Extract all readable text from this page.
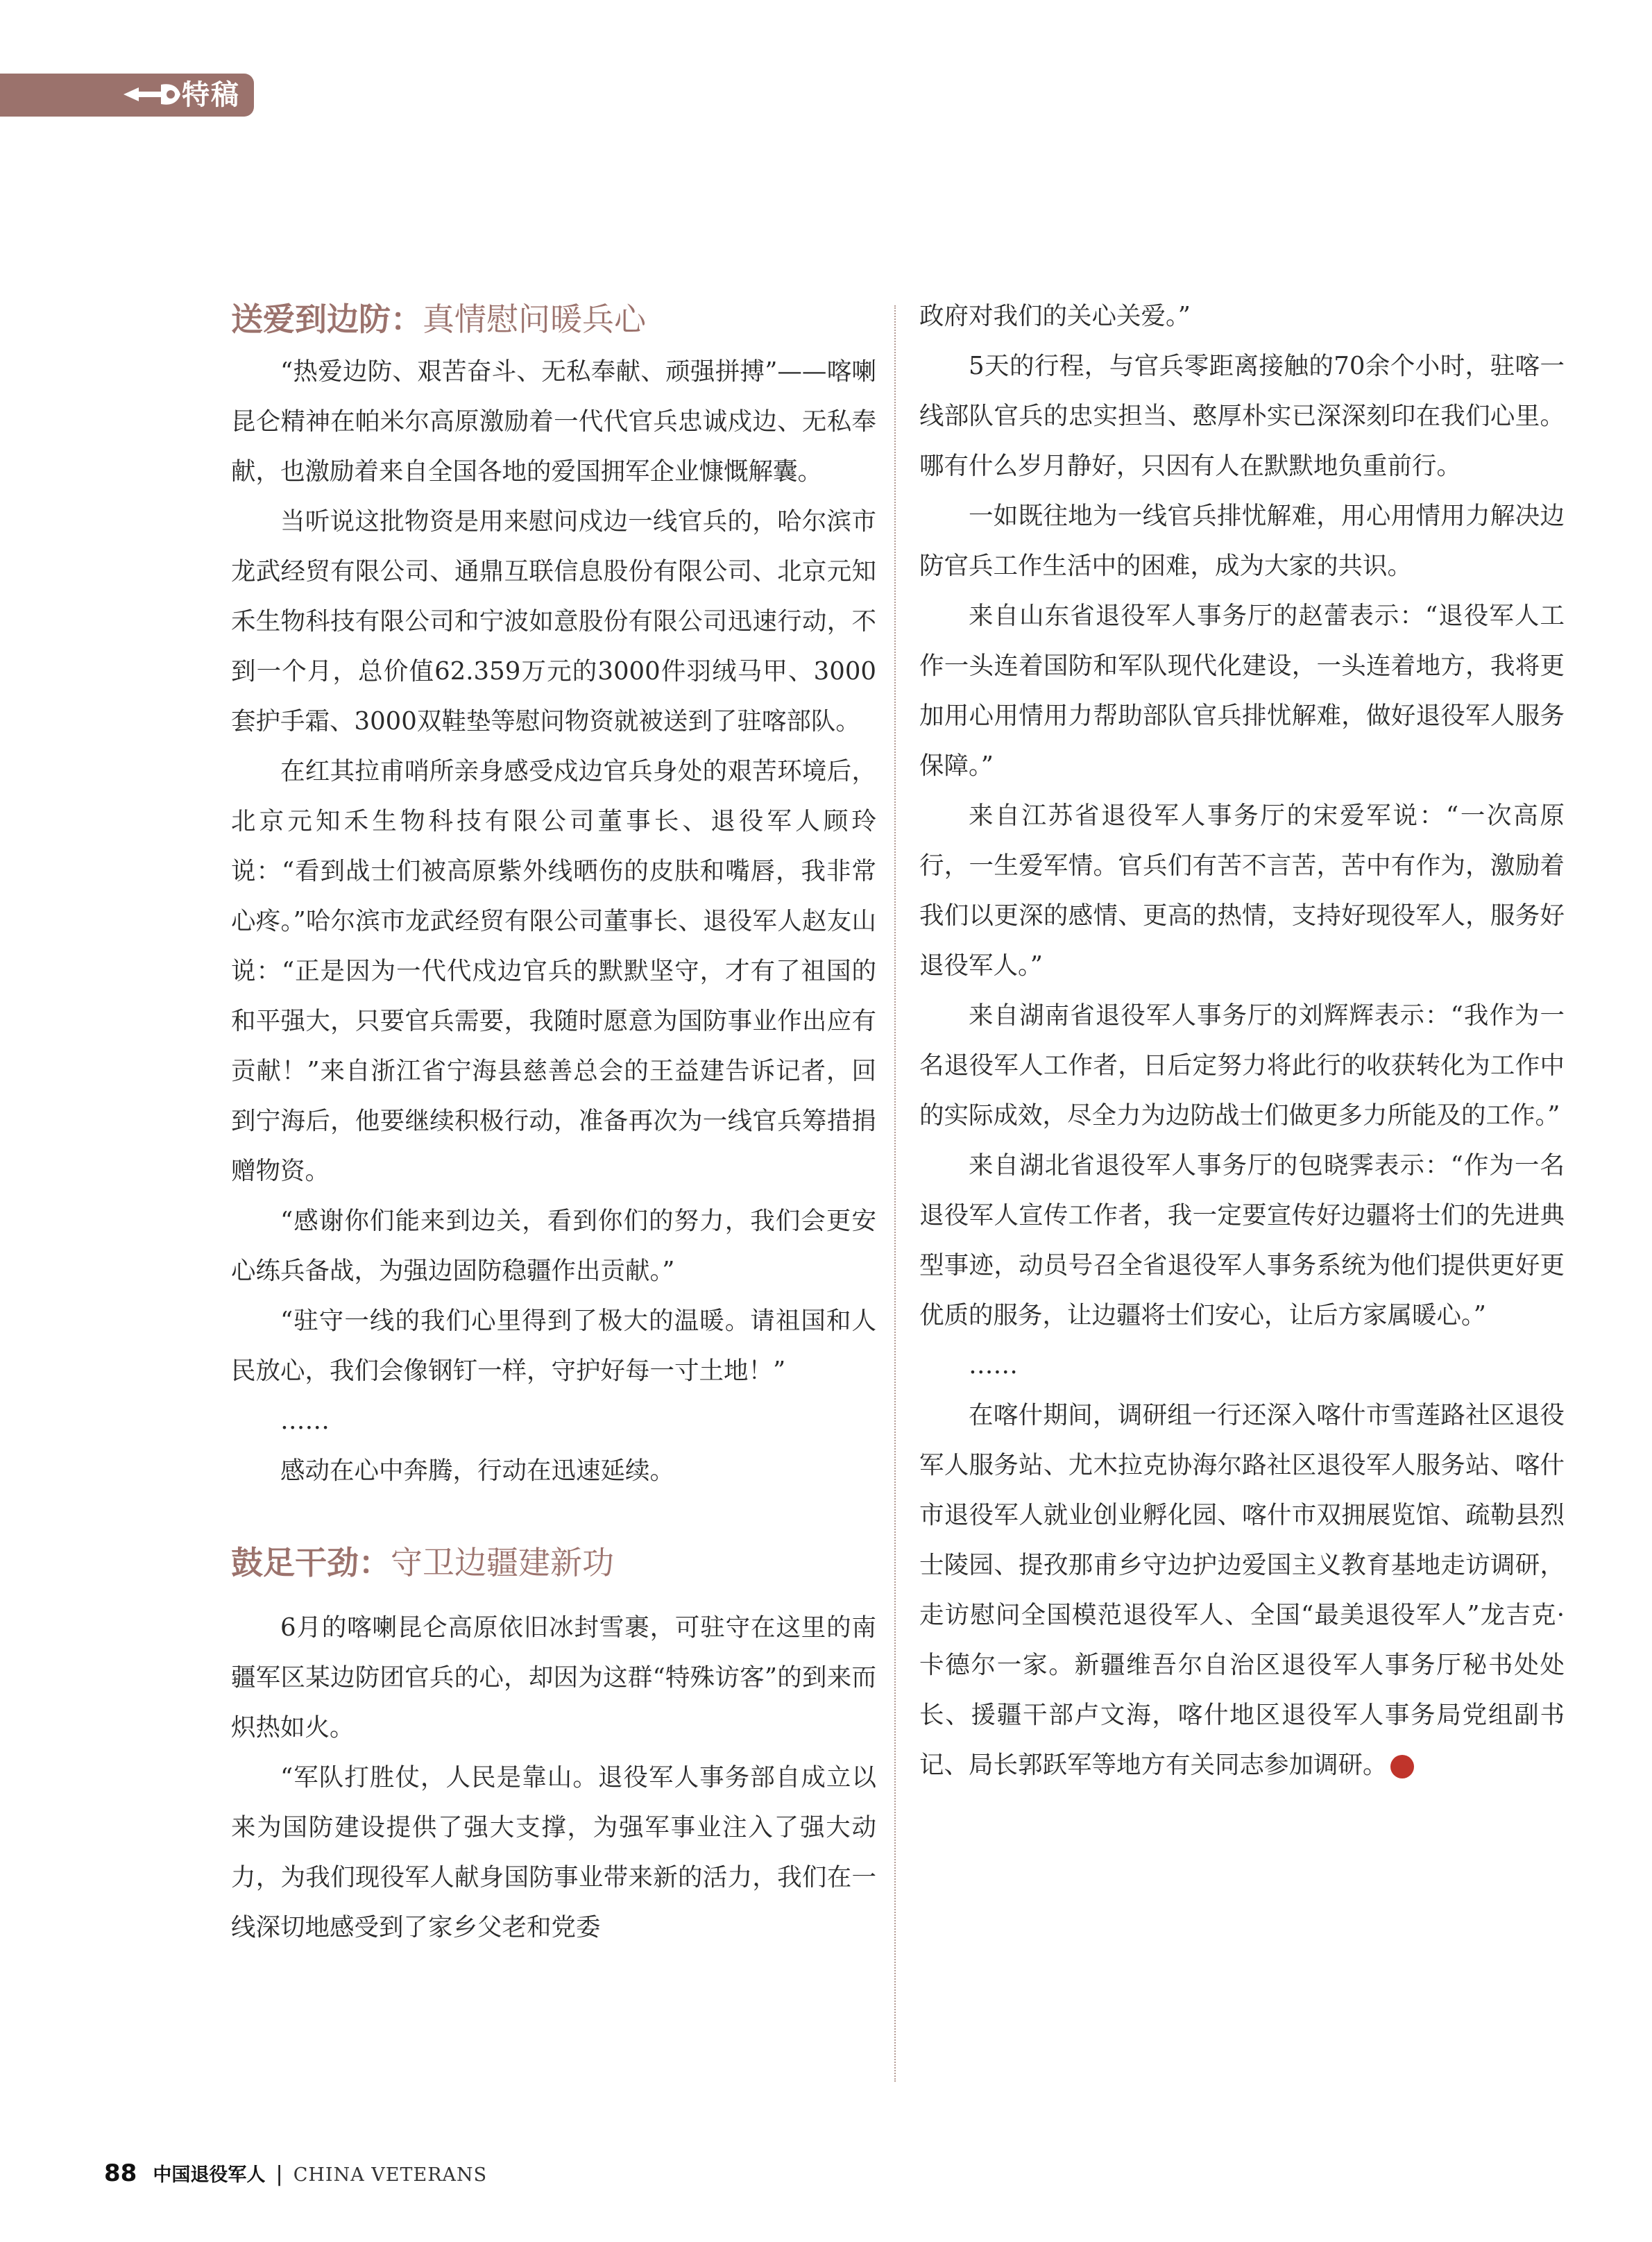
特稿
送爱到边防：真情慰问暖兵心

“热爱边防、艰苦奋斗、无私奉献、顽强拼搏”——喀喇昆仑精神在帕米尔高原激励着一代代官兵忠诚戍边、无私奉献，也激励着来自全国各地的爱国拥军企业慷慨解囊。

当听说这批物资是用来慰问戍边一线官兵的，哈尔滨市龙武经贸有限公司、通鼎互联信息股份有限公司、北京元知禾生物科技有限公司和宁波如意股份有限公司迅速行动，不到一个月，总价值62.359万元的3000件羽绒马甲、3000套护手霜、3000双鞋垫等慰问物资就被送到了驻喀部队。

在红其拉甫哨所亲身感受戍边官兵身处的艰苦环境后，北京元知禾生物科技有限公司董事长、退役军人顾玲说：“看到战士们被高原紫外线晒伤的皮肤和嘴唇，我非常心疼。”哈尔滨市龙武经贸有限公司董事长、退役军人赵友山说：“正是因为一代代戍边官兵的默默坚守，才有了祖国的和平强大，只要官兵需要，我随时愿意为国防事业作出应有贡献！”来自浙江省宁海县慈善总会的王益建告诉记者，回到宁海后，他要继续积极行动，准备再次为一线官兵筹措捐赠物资。

“感谢你们能来到边关，看到你们的努力，我们会更安心练兵备战，为强边固防稳疆作出贡献。”

“驻守一线的我们心里得到了极大的温暖。请祖国和人民放心，我们会像钢钉一样，守护好每一寸土地！”

……

感动在心中奔腾，行动在迅速延续。

鼓足干劲：守卫边疆建新功

6月的喀喇昆仑高原依旧冰封雪裹，可驻守在这里的南疆军区某边防团官兵的心，却因为这群“特殊访客”的到来而炽热如火。

“军队打胜仗，人民是靠山。退役军人事务部自成立以来为国防建设提供了强大支撑，为强军事业注入了强大动力，为我们现役军人献身国防事业带来新的活力，我们在一线深切地感受到了家乡父老和党委

政府对我们的关心关爱。”

5天的行程，与官兵零距离接触的70余个小时，驻喀一线部队官兵的忠实担当、憨厚朴实已深深刻印在我们心里。哪有什么岁月静好，只因有人在默默地负重前行。

一如既往地为一线官兵排忧解难，用心用情用力解决边防官兵工作生活中的困难，成为大家的共识。

来自山东省退役军人事务厅的赵蕾表示：“退役军人工作一头连着国防和军队现代化建设，一头连着地方，我将更加用心用情用力帮助部队官兵排忧解难，做好退役军人服务保障。”

来自江苏省退役军人事务厅的宋爱军说：“一次高原行，一生爱军情。官兵们有苦不言苦，苦中有作为，激励着我们以更深的感情、更高的热情，支持好现役军人，服务好退役军人。”

来自湖南省退役军人事务厅的刘辉辉表示：“我作为一名退役军人工作者，日后定努力将此行的收获转化为工作中的实际成效，尽全力为边防战士们做更多力所能及的工作。”

来自湖北省退役军人事务厅的包晓霁表示：“作为一名退役军人宣传工作者，我一定要宣传好边疆将士们的先进典型事迹，动员号召全省退役军人事务系统为他们提供更好更优质的服务，让边疆将士们安心，让后方家属暖心。”

……

在喀什期间，调研组一行还深入喀什市雪莲路社区退役军人服务站、尤木拉克协海尔路社区退役军人服务站、喀什市退役军人就业创业孵化园、喀什市双拥展览馆、疏勒县烈士陵园、提孜那甫乡守边护边爱国主义教育基地走访调研，走访慰问全国模范退役军人、全国“最美退役军人”龙吉克·卡德尔一家。新疆维吾尔自治区退役军人事务厅秘书处处长、援疆干部卢文海，喀什地区退役军人事务局党组副书记、局长郭跃军等地方有关同志参加调研。	V

88 中国退役军人 | CHINA VETERANS
